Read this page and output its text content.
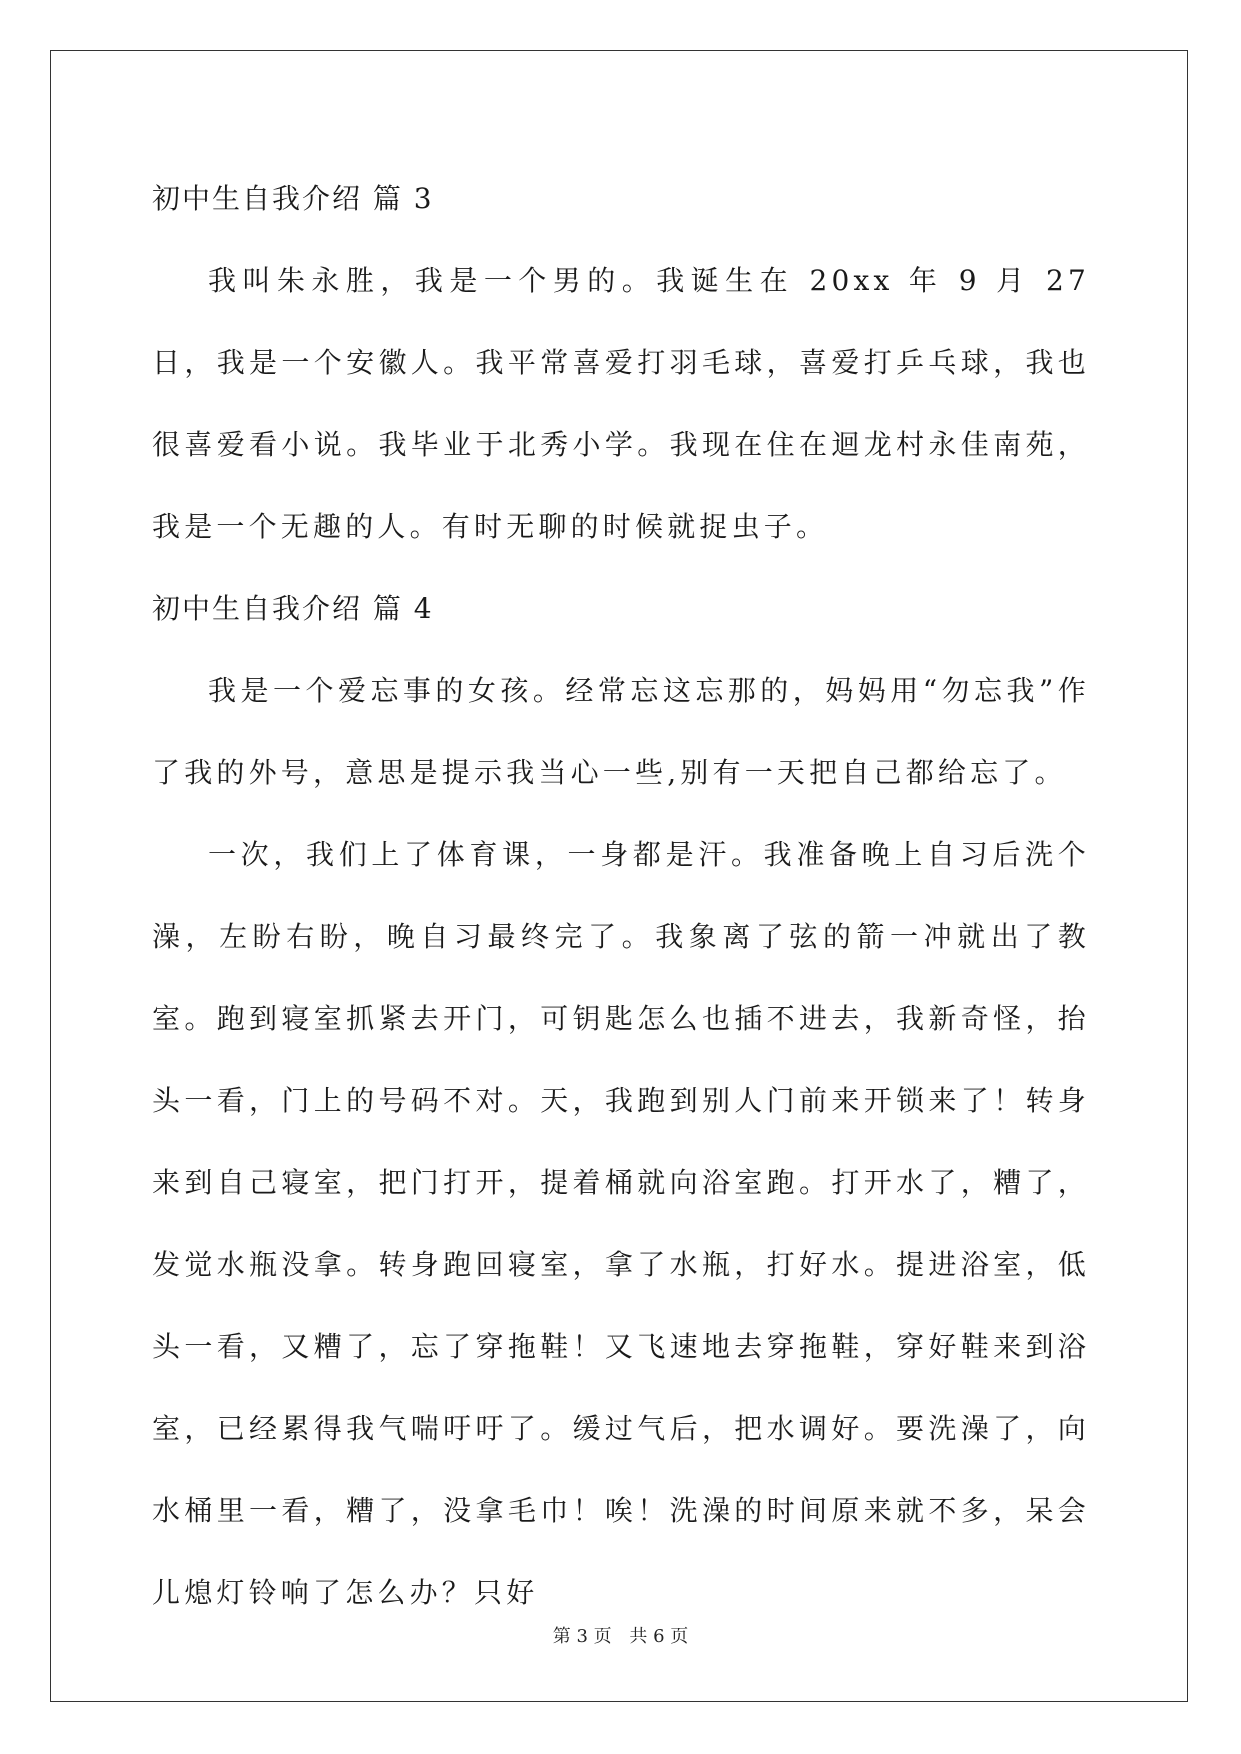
初中生自我介绍 篇 3

我叫朱永胜，我是一个男的。我诞生在 20xx 年 9 月 27 日，我是一个安徽人。我平常喜爱打羽毛球，喜爱打乒乓球，我也很喜爱看小说。我毕业于北秀小学。我现在住在迴龙村永佳南苑，我是一个无趣的人。有时无聊的时候就捉虫子。

初中生自我介绍 篇 4

我是一个爱忘事的女孩。经常忘这忘那的，妈妈用“勿忘我”作了我的外号，意思是提示我当心一些,别有一天把自己都给忘了。

一次，我们上了体育课，一身都是汗。我准备晚上自习后洗个澡，左盼右盼，晚自习最终完了。我象离了弦的箭一冲就出了教室。跑到寝室抓紧去开门，可钥匙怎么也插不进去，我新奇怪，抬头一看，门上的号码不对。天，我跑到别人门前来开锁来了！转身来到自己寝室，把门打开，提着桶就向浴室跑。打开水了，糟了，发觉水瓶没拿。转身跑回寝室，拿了水瓶，打好水。提进浴室，低头一看，又糟了，忘了穿拖鞋！又飞速地去穿拖鞋，穿好鞋来到浴室，已经累得我气喘吁吁了。缓过气后，把水调好。要洗澡了，向水桶里一看，糟了，没拿毛巾！唉！洗澡的时间原来就不多，呆会儿熄灯铃响了怎么办？只好

第 3 页 共 6 页
